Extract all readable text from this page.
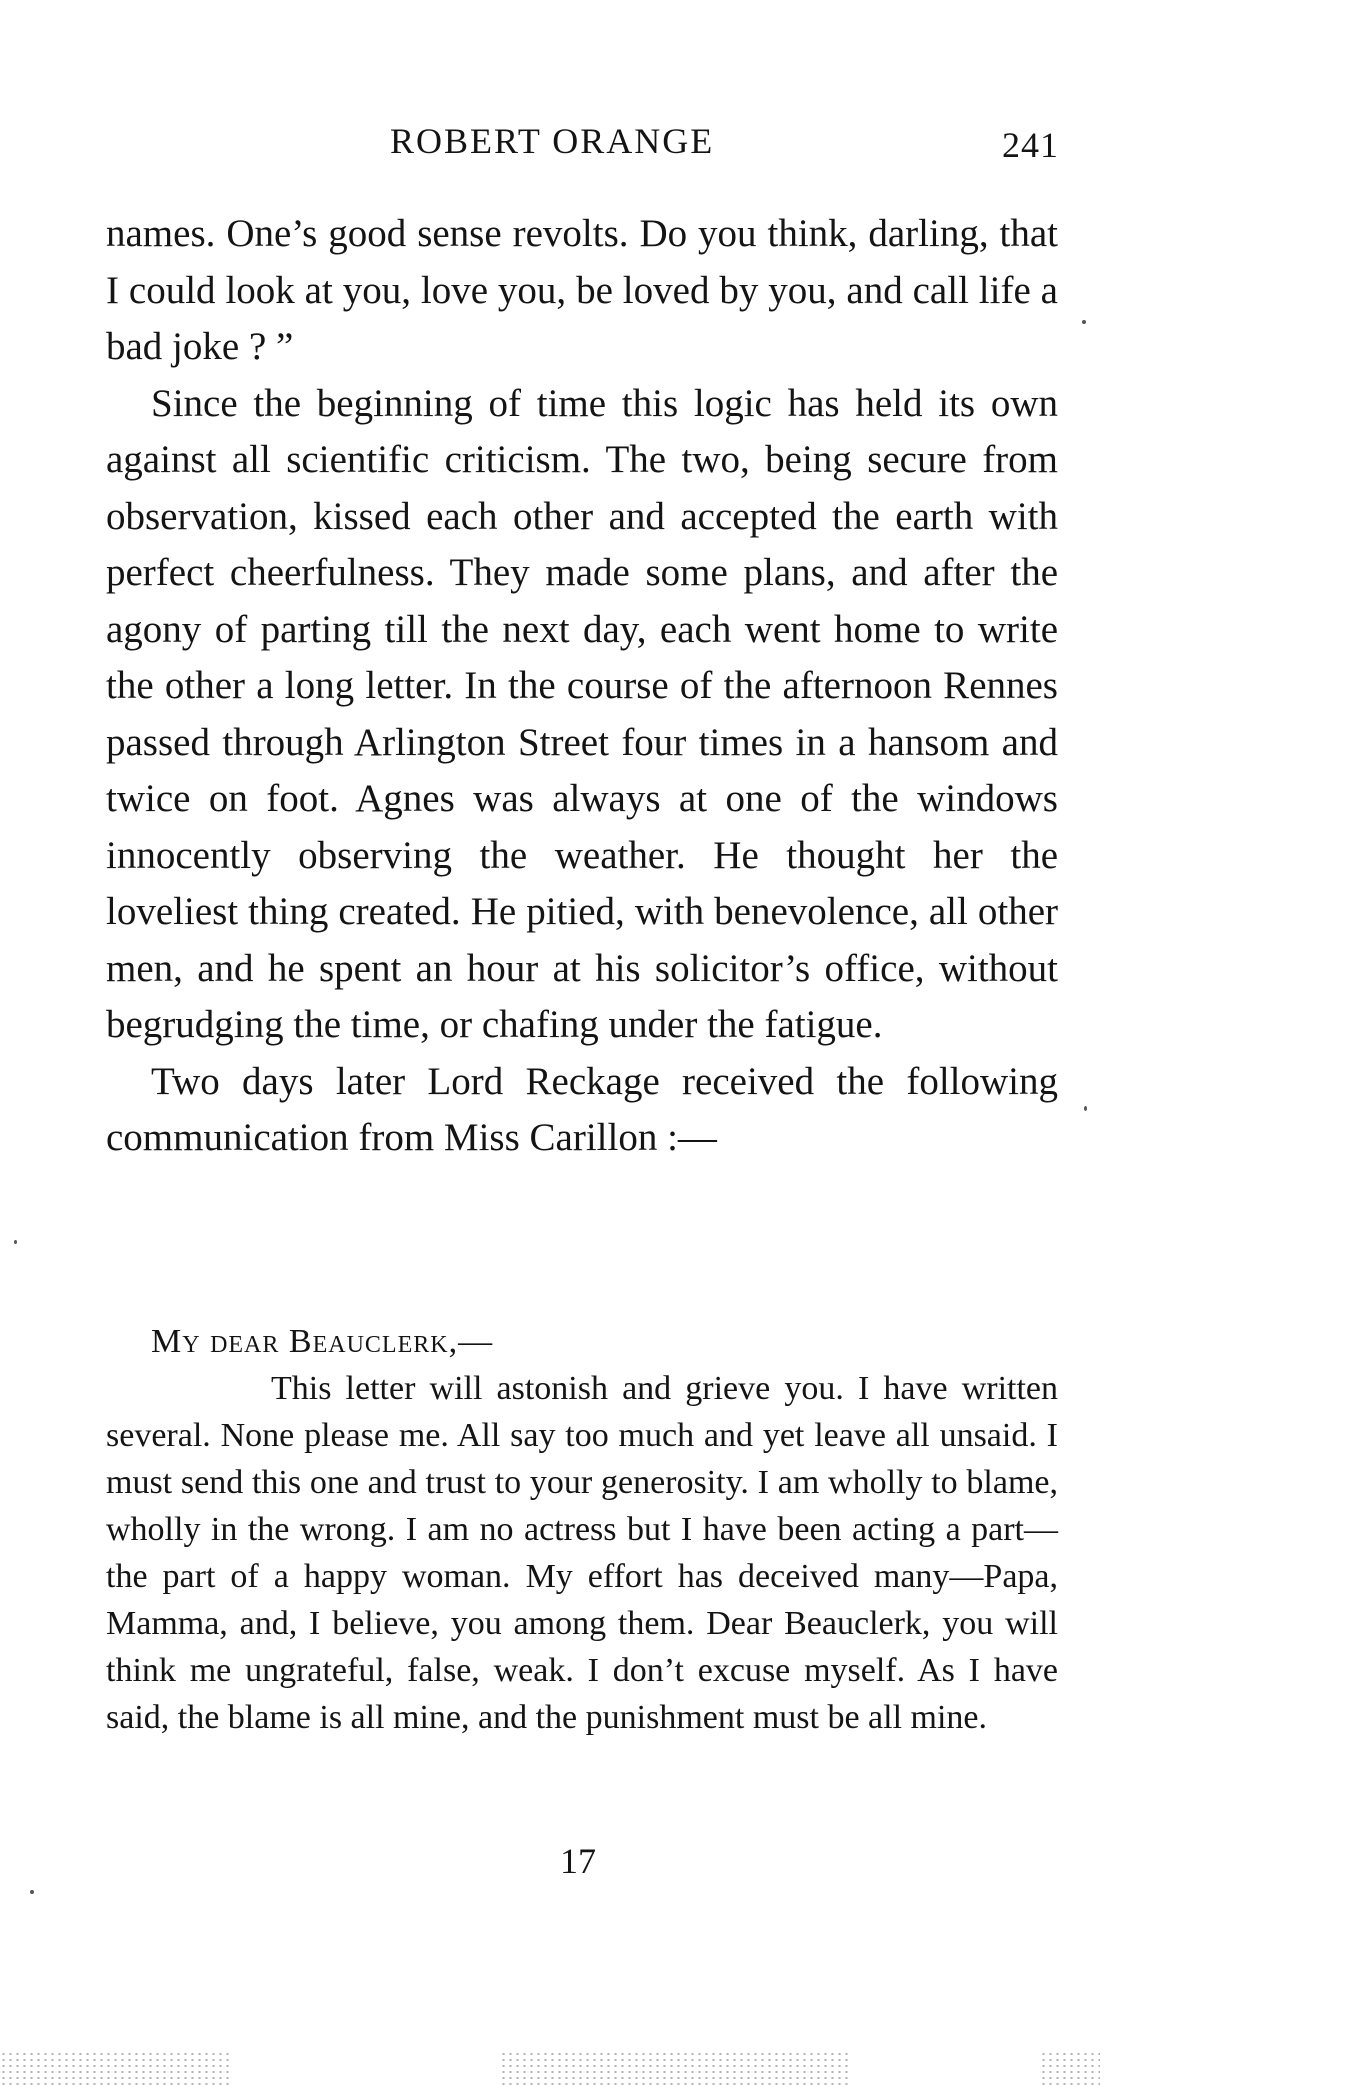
ROBERT ORANGE	241

names. One’s good sense revolts. Do you think, darling, that I could look at you, love you, be loved by you, and call life a bad joke ? ”

Since the beginning of time this logic has held its own against all scientific criticism. The two, being secure from observation, kissed each other and accepted the earth with perfect cheerfulness. They made some plans, and after the agony of parting till the next day, each went home to write the other a long letter. In the course of the afternoon Rennes passed through Arlington Street four times in a hansom and twice on foot. Agnes was always at one of the windows innocently observing the weather. He thought her the loveliest thing created. He pitied, with benevolence, all other men, and he spent an hour at his solicitor’s office, without begrudging the time, or chafing under the fatigue.

Two days later Lord Reckage received the following communication from Miss Carillon :—

My dear Beauclerk,—

This letter will astonish and grieve you. I have written several. None please me. All say too much and yet leave all unsaid. I must send this one and trust to your generosity. I am wholly to blame, wholly in the wrong. I am no actress but I have been acting a part—the part of a happy woman. My effort has deceived many—Papa, Mamma, and, I believe, you among them. Dear Beauclerk, you will think me ungrateful, false, weak. I don’t excuse myself. As I have said, the blame is all mine, and the punishment must be all mine.

17
